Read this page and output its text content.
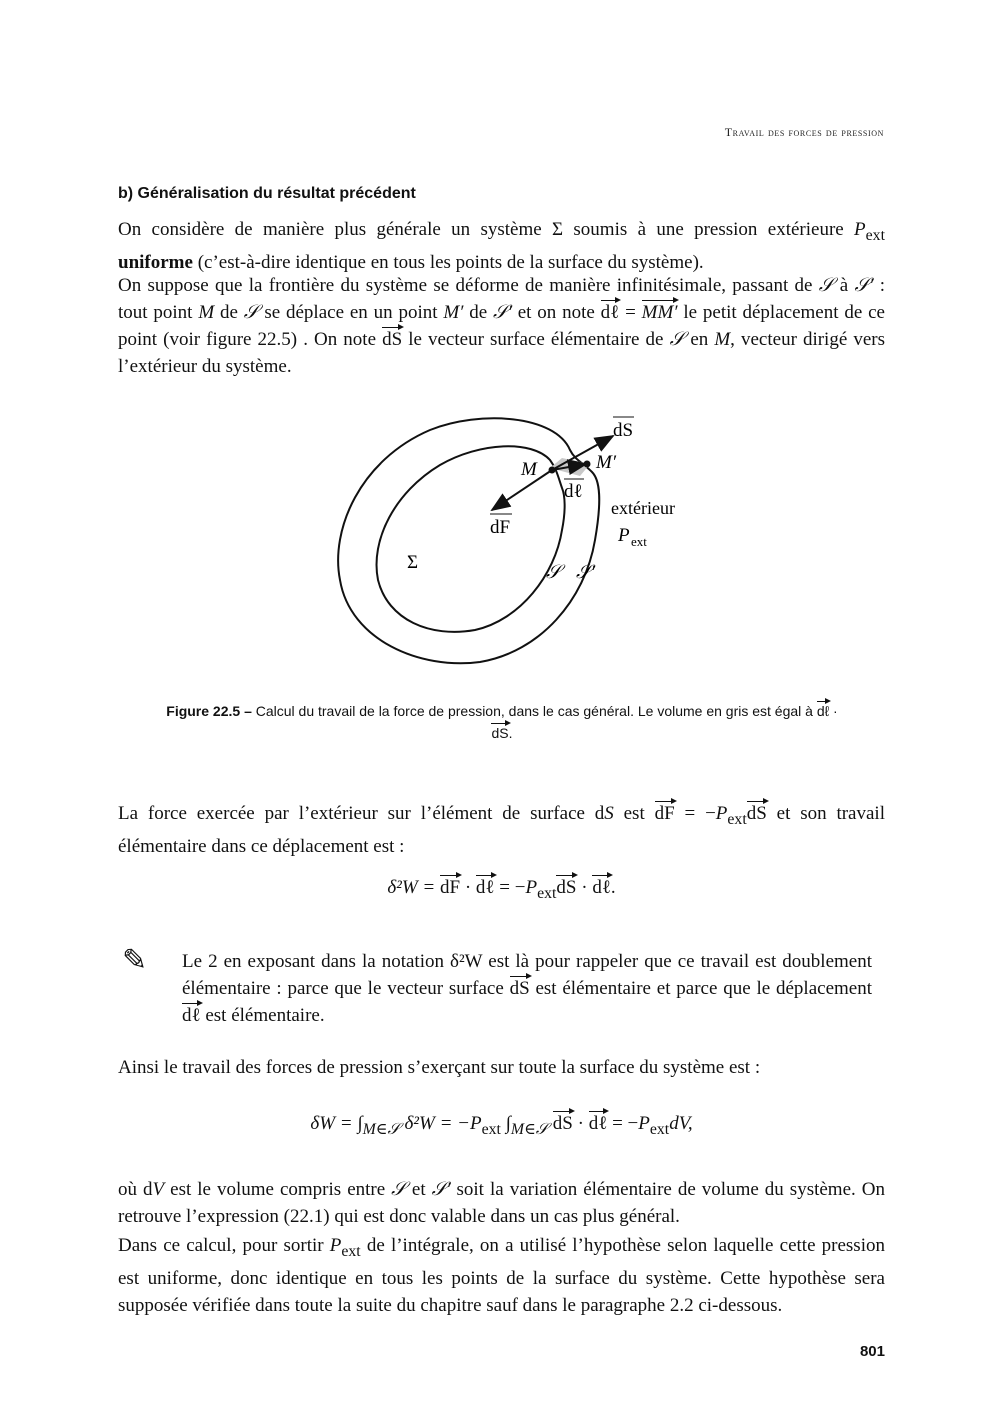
Travail des forces de pression
b) Généralisation du résultat précédent
On considère de manière plus générale un système Σ soumis à une pression extérieure $P_{ext}$ uniforme (c’est-à-dire identique en tous les points de la surface du système).
On suppose que la frontière du système se déforme de manière infinitésimale, passant de 𝒮 à 𝒮′ : tout point M de 𝒮 se déplace en un point M′ de 𝒮′ et on note dℓ = MM′ le petit déplacement de ce point (voir figure 22.5) . On note dS le vecteur surface élémentaire de 𝒮 en M, vecteur dirigé vers l’extérieur du système.
dS
M	M′
dℓ
dF
extérieur
P ext
Σ	𝒮 𝒮′
Figure 22.5 – Calcul du travail de la force de pression, dans le cas général. Le volume en gris est égal à dℓ · dS.
La force exercée par l’extérieur sur l’élément de surface dS est dF = $-P_{ext}dS$ et son travail élémentaire dans ce déplacement est :
δ²W = dF · dℓ = $-P_{ext}dS$ · dℓ.
✎ Le 2 en exposant dans la notation δ²W est là pour rappeler que ce travail est doublement élémentaire : parce que le vecteur surface dS est élémentaire et parce que le déplacement dℓ est élémentaire.
Ainsi le travail des forces de pression s’exerçant sur toute la surface du système est :
$\delta W = \int_{M\in 𝒮}$ $\delta^2W = -P_{ext}$ $\int_{M\in 𝒮}$ dS · dℓ = $-P_{ext}dV$,
où dV est le volume compris entre 𝒮 et 𝒮′ soit la variation élémentaire de volume du système. On retrouve l’expression (22.1) qui est donc valable dans un cas plus général.
Dans ce calcul, pour sortir $P_{ext}$ de l’intégrale, on a utilisé l’hypothèse selon laquelle cette pression est uniforme, donc identique en tous les points de la surface du système. Cette hypothèse sera supposée vérifiée dans toute la suite du chapitre sauf dans le paragraphe 2.2 ci-dessous.
801
